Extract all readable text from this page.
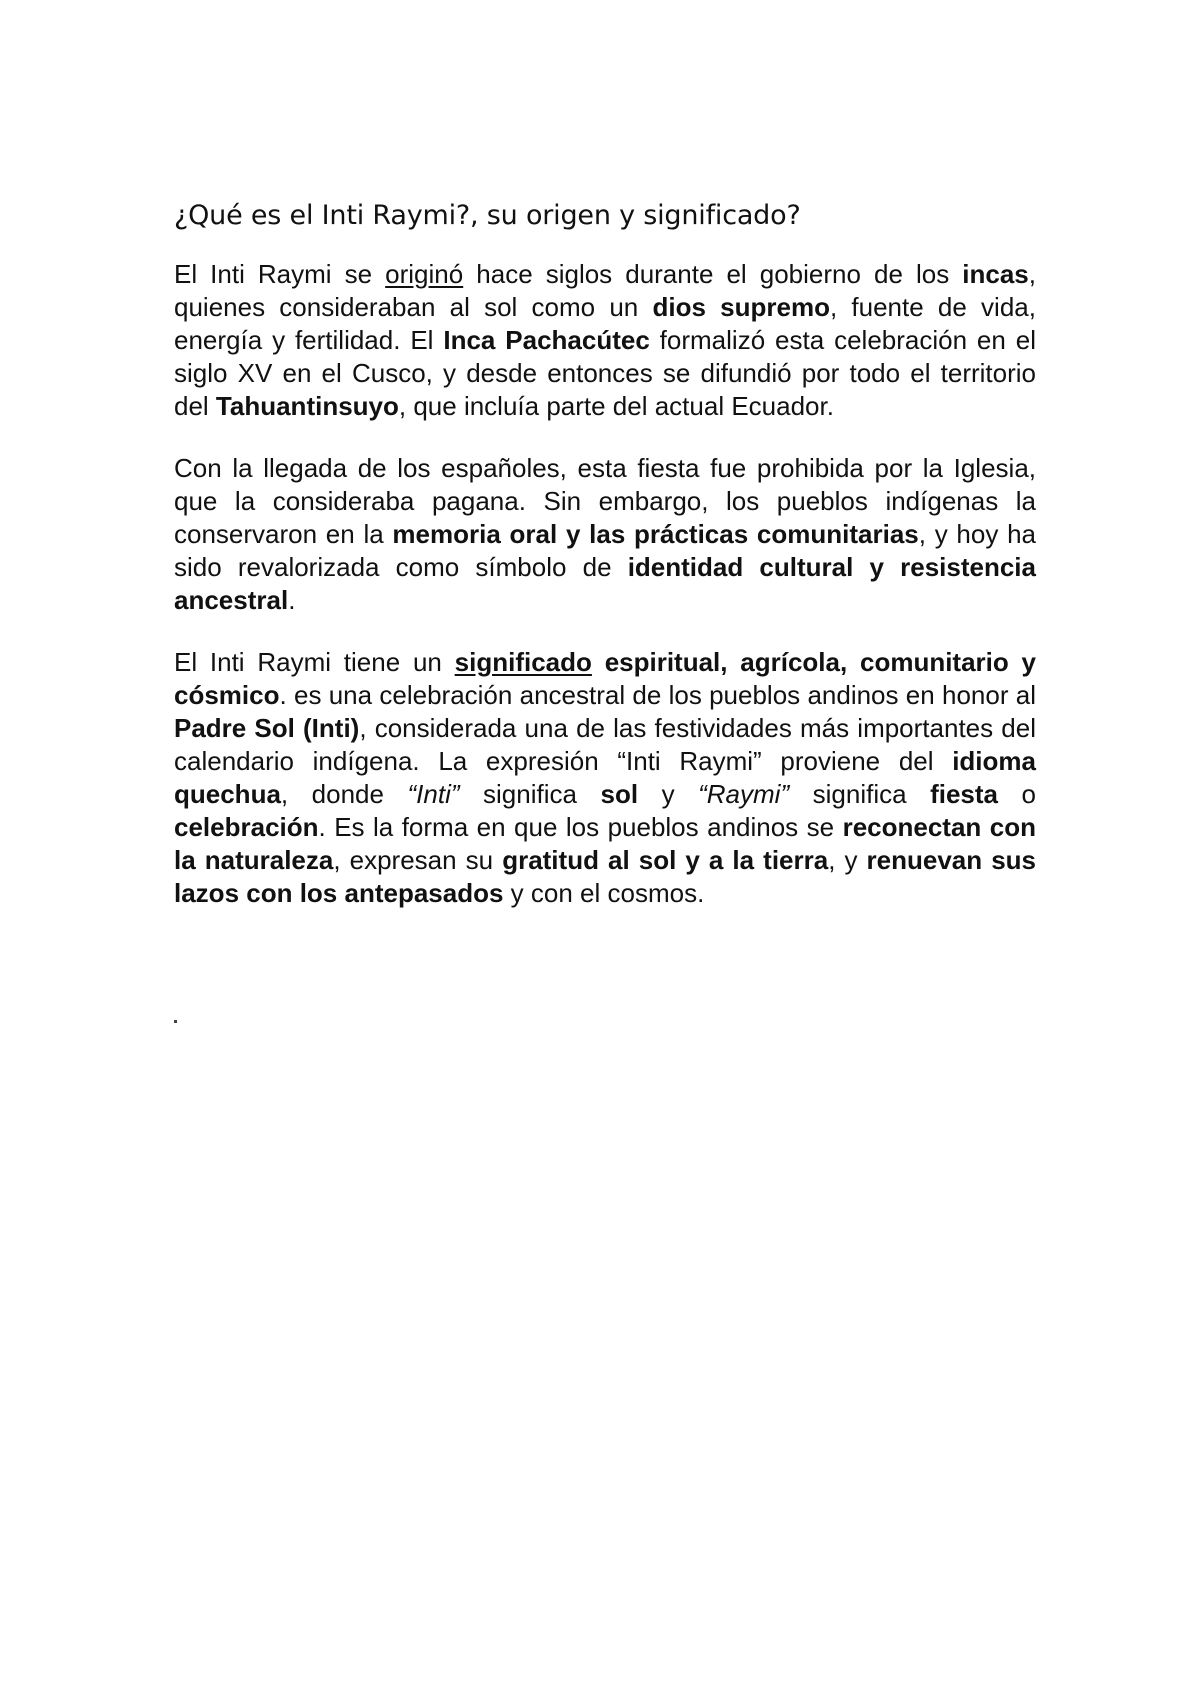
¿Qué es el Inti Raymi?, su origen y significado?

El Inti Raymi se originó hace siglos durante el gobierno de los incas, quienes consideraban al sol como un dios supremo, fuente de vida, energía y fertilidad. El Inca Pachacútec formalizó esta celebración en el siglo XV en el Cusco, y desde entonces se difundió por todo el territorio del Tahuantinsuyo, que incluía parte del actual Ecuador.

Con la llegada de los españoles, esta fiesta fue prohibida por la Iglesia, que la consideraba pagana. Sin embargo, los pueblos indígenas la conservaron en la memoria oral y las prácticas comunitarias, y hoy ha sido revalorizada como símbolo de identidad cultural y resistencia ancestral.

El Inti Raymi tiene un significado espiritual, agrícola, comunitario y cósmico. es una celebración ancestral de los pueblos andinos en honor al Padre Sol (Inti), considerada una de las festividades más importantes del calendario indígena. La expresión “Inti Raymi” proviene del idioma quechua, donde “Inti” significa sol y “Raymi” significa fiesta o celebración. Es la forma en que los pueblos andinos se reconectan con la naturaleza, expresan su gratitud al sol y a la tierra, y renuevan sus lazos con los antepasados y con el cosmos.
